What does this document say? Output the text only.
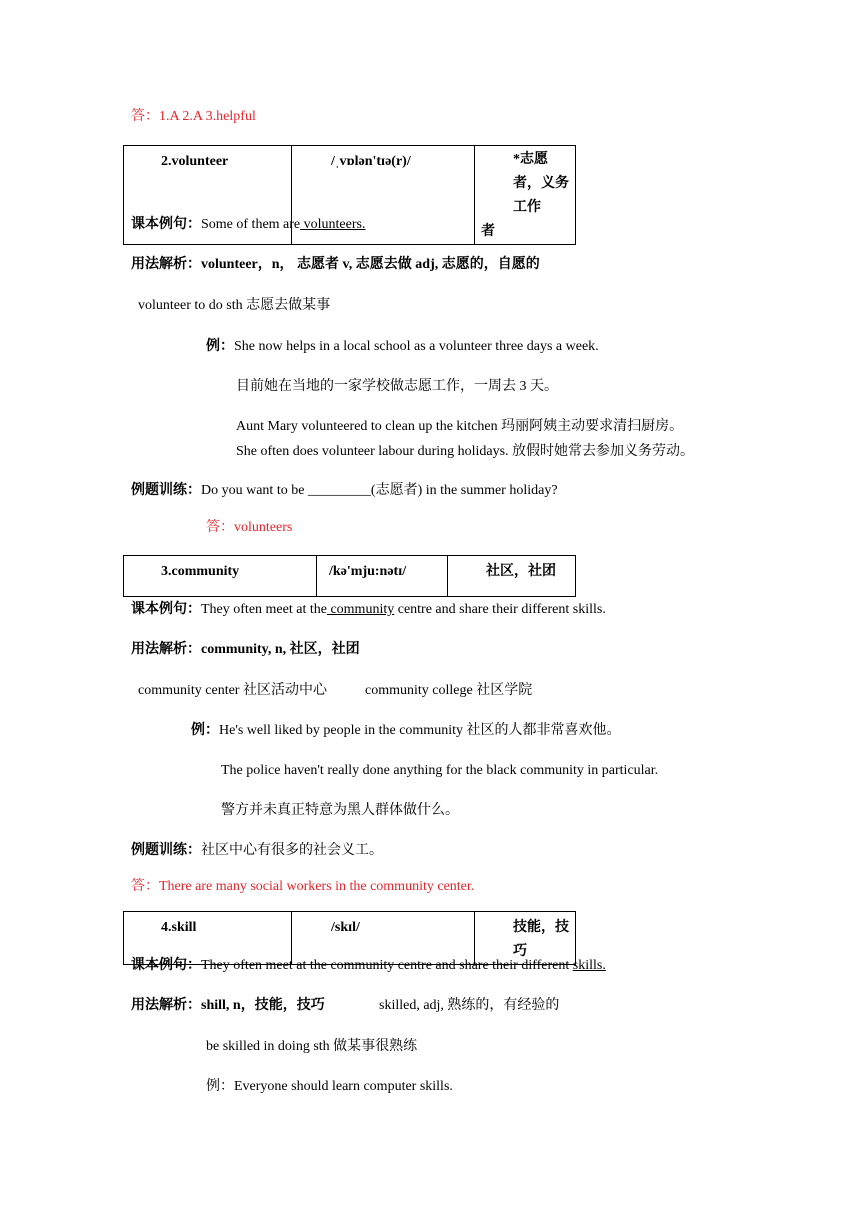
答：1.A 2.A 3.helpful
2.volunteer	/ˌvɒlən'tɪə(r)/	*志愿者，义务工作
者
课本例句：Some of them are volunteers.
用法解析：volunteer，n， 志愿者 v, 志愿去做 adj, 志愿的，自愿的
volunteer to do sth 志愿去做某事
例：She now helps in a local school as a volunteer three days a week.
目前她在当地的一家学校做志愿工作，一周去 3 天。
Aunt Mary volunteered to clean up the kitchen 玛丽阿姨主动要求清扫厨房。
She often does volunteer labour during holidays. 放假时她常去参加义务劳动。
例题训练：Do you want to be _________(志愿者) in the summer holiday?
答：volunteers
3.community	/kə'mju:nətɪ/	社区，社团
课本例句：They often meet at the community centre and share their different skills.
用法解析：community, n, 社区，社团
community center 社区活动中心	community college 社区学院
例：He's well liked by people in the community 社区的人都非常喜欢他。
The police haven't really done anything for the black community in particular.
警方并未真正特意为黑人群体做什么。
例题训练：社区中心有很多的社会义工。
答：There are many social workers in the community center.
4.skill	/skɪl/	技能，技巧
课本例句：They often meet at the community centre and share their different skills.
用法解析：shill, n，技能，技巧	skilled, adj, 熟练的，有经验的
be skilled in doing sth 做某事很熟练
例：Everyone should learn computer skills.
